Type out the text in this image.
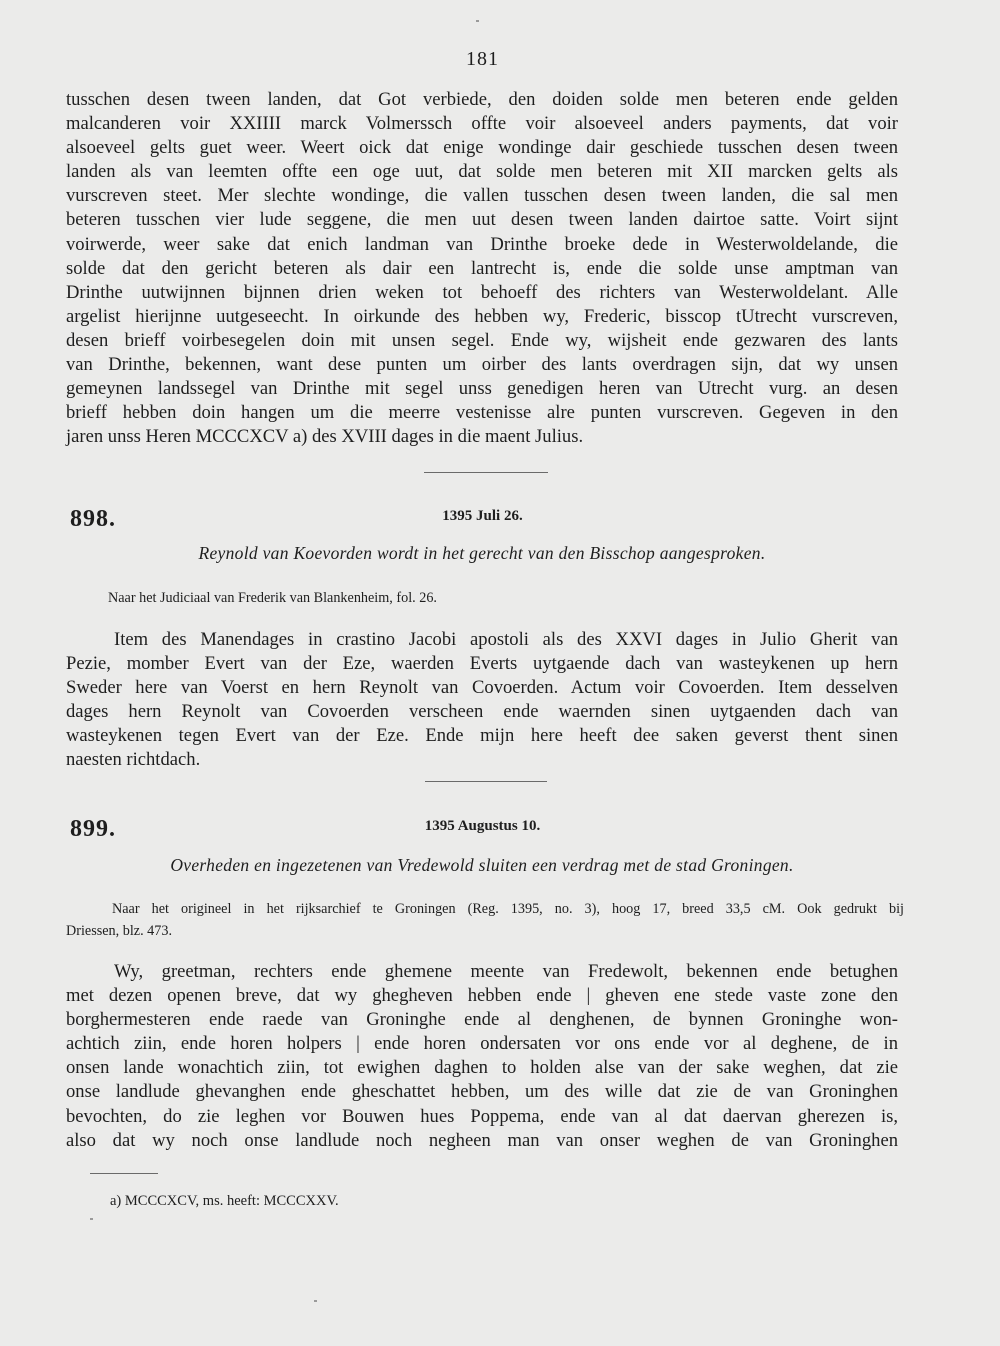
181
tusschen desen tween landen, dat Got verbiede, den doiden solde men beteren ende gelden
malcanderen voir XXIIII marck Volmerssch offte voir alsoeveel anders payments, dat voir
alsoeveel gelts guet weer. Weert oick dat enige wondinge dair geschiede tusschen desen tween
landen als van leemten offte een oge uut, dat solde men beteren mit XII marcken gelts als
vurscreven steet. Mer slechte wondinge, die vallen tusschen desen tween landen, die sal men
beteren tusschen vier lude seggene, die men uut desen tween landen dairtoe satte. Voirt sijnt
voirwerde, weer sake dat enich landman van Drinthe broeke dede in Westerwoldelande, die
solde dat den gericht beteren als dair een lantrecht is, ende die solde unse amptman van
Drinthe uutwijnnen bijnnen drien weken tot behoeff des richters van Westerwoldelant. Alle
argelist hierijnne uutgeseecht. In oirkunde des hebben wy, Frederic, bisscop tUtrecht vurscreven,
desen brieff voirbesegelen doin mit unsen segel. Ende wy, wijsheit ende gezwaren des lants
van Drinthe, bekennen, want dese punten um oirber des lants overdragen sijn, dat wy unsen
gemeynen landssegel van Drinthe mit segel unss genedigen heren van Utrecht vurg. an desen
brieff hebben doin hangen um die meerre vestenisse alre punten vurscreven. Gegeven in den
jaren unss Heren MCCCXCV a) des XVIII dages in die maent Julius.
898.	1395 Juli 26.
Reynold van Koevorden wordt in het gerecht van den Bisschop aangesproken.
Naar het Judiciaal van Frederik van Blankenheim, fol. 26.
Item des Manendages in crastino Jacobi apostoli als des XXVI dages in Julio Gherit van
Pezie, momber Evert van der Eze, waerden Everts uytgaende dach van wasteykenen up hern
Sweder here van Voerst en hern Reynolt van Covoerden. Actum voir Covoerden. Item desselven
dages hern Reynolt van Covoerden verscheen ende waernden sinen uytgaenden dach van
wasteykenen tegen Evert van der Eze. Ende mijn here heeft dee saken geverst thent sinen
naesten richtdach.
899.	1395 Augustus 10.
Overheden en ingezetenen van Vredewold sluiten een verdrag met de stad Groningen.
Naar het origineel in het rijksarchief te Groningen (Reg. 1395, no. 3), hoog 17, breed 33,5 cM. Ook gedrukt bij
Driessen, blz. 473.
Wy, greetman, rechters ende ghemene meente van Fredewolt, bekennen ende betughen
met dezen openen breve, dat wy ghegheven hebben ende | gheven ene stede vaste zone den
borghermesteren ende raede van Groninghe ende al denghenen, de bynnen Groninghe won-
achtich ziin, ende horen holpers | ende horen ondersaten vor ons ende vor al deghene, de in
onsen lande wonachtich ziin, tot ewighen daghen to holden alse van der sake weghen, dat zie
onse landlude ghevanghen ende gheschattet hebben, um des wille dat zie de van Groninghen
bevochten, do zie leghen vor Bouwen hues Poppema, ende van al dat daervan gherezen is,
also dat wy noch onse landlude noch negheen man van onser weghen de van Groninghen
a) MCCCXCV, ms. heeft: MCCCXXV.
